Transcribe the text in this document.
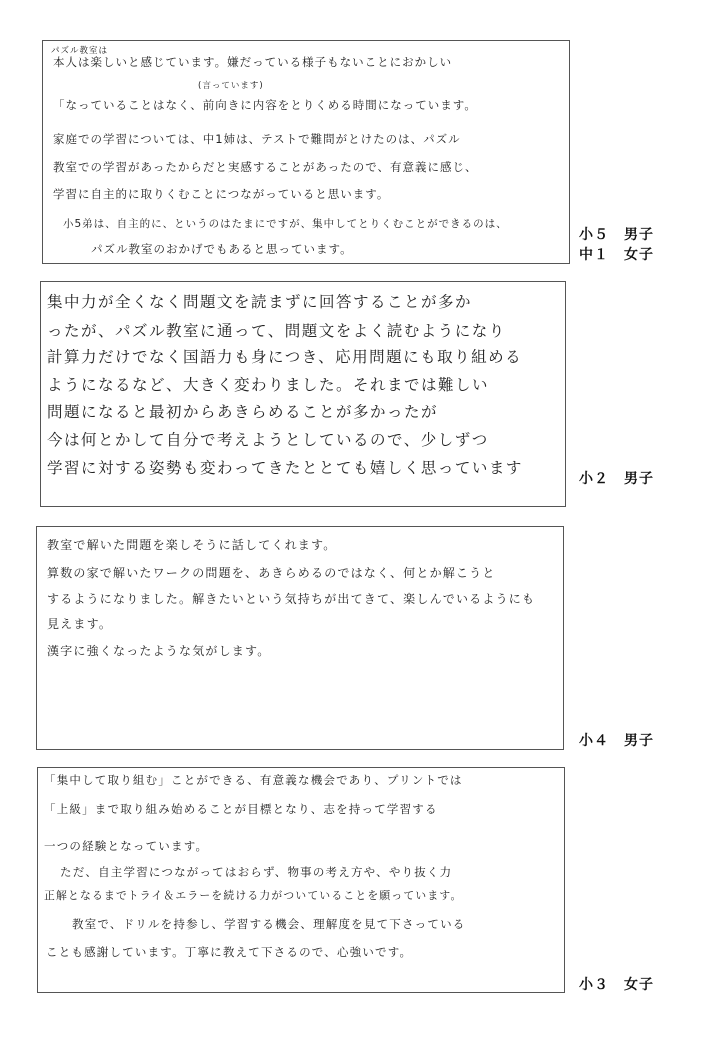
パズル教室は
本人は楽しいと感じています。嫌だっている様子もないことにおかしい
(言っています)
「なっていることはなく、前向きに内容をとりくめる時間になっています。
家庭での学習については、中1姉は、テストで難問がとけたのは、パズル
教室での学習があったからだと実感することがあったので、有意義に感じ、
学習に自主的に取りくむことにつながっていると思います。
小5弟は、自主的に、というのはたまにですが、集中してとりくむことができるのは、
パズル教室のおかげでもあると思っています。
小５　男子
中１　女子
集中力が全くなく問題文を読まずに回答することが多か
ったが、パズル教室に通って、問題文をよく読むようになり
計算力だけでなく国語力も身につき、応用問題にも取り組める
ようになるなど、大きく変わりました。それまでは難しい
問題になると最初からあきらめることが多かったが
今は何とかして自分で考えようとしているので、少しずつ
学習に対する姿勢も変わってきたととても嬉しく思っています
小２　男子
教室で解いた問題を楽しそうに話してくれます。
算数の家で解いたワークの問題を、あきらめるのではなく、何とか解こうと
するようになりました。解きたいという気持ちが出てきて、楽しんでいるようにも
見えます。
漢字に強くなったような気がします。
小４　男子
「集中して取り組む」ことができる、有意義な機会であり、プリントでは
「上級」まで取り組み始めることが目標となり、志を持って学習する
一つの経験となっています。
ただ、自主学習につながってはおらず、物事の考え方や、やり抜く力
正解となるまでトライ＆エラーを続ける力がついていることを願っています。
教室で、ドリルを持参し、学習する機会、理解度を見て下さっている
ことも感謝しています。丁寧に教えて下さるので、心強いです。
小３　女子
